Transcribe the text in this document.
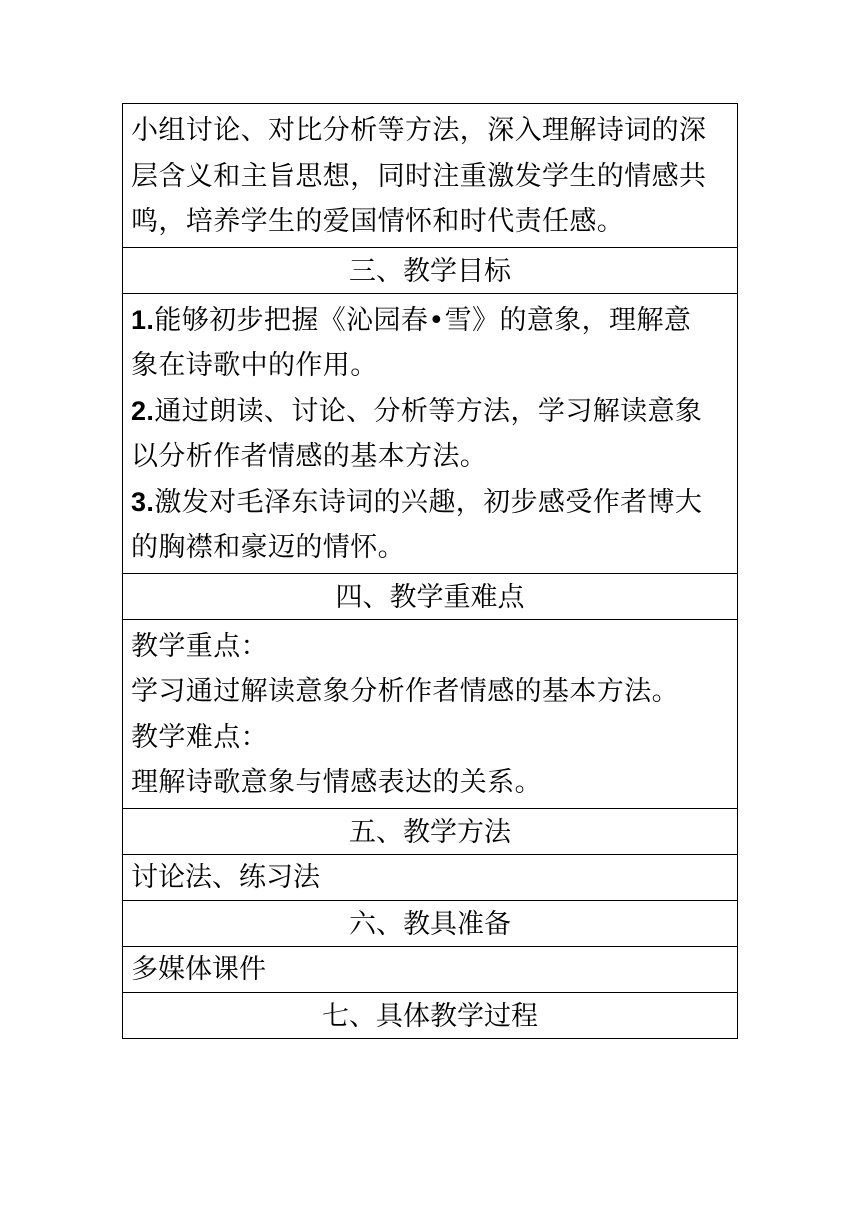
小组讨论、对比分析等方法，深入理解诗词的深
层含义和主旨思想，同时注重激发学生的情感共
鸣，培养学生的爱国情怀和时代责任感。
三、教学目标
1.能够初步把握《沁园春•雪》的意象，理解意
象在诗歌中的作用。
2.通过朗读、讨论、分析等方法，学习解读意象
以分析作者情感的基本方法。
3.激发对毛泽东诗词的兴趣，初步感受作者博大
的胸襟和豪迈的情怀。
四、教学重难点
教学重点：
学习通过解读意象分析作者情感的基本方法。
教学难点：
理解诗歌意象与情感表达的关系。
五、教学方法
讨论法、练习法
六、教具准备
多媒体课件
七、具体教学过程
